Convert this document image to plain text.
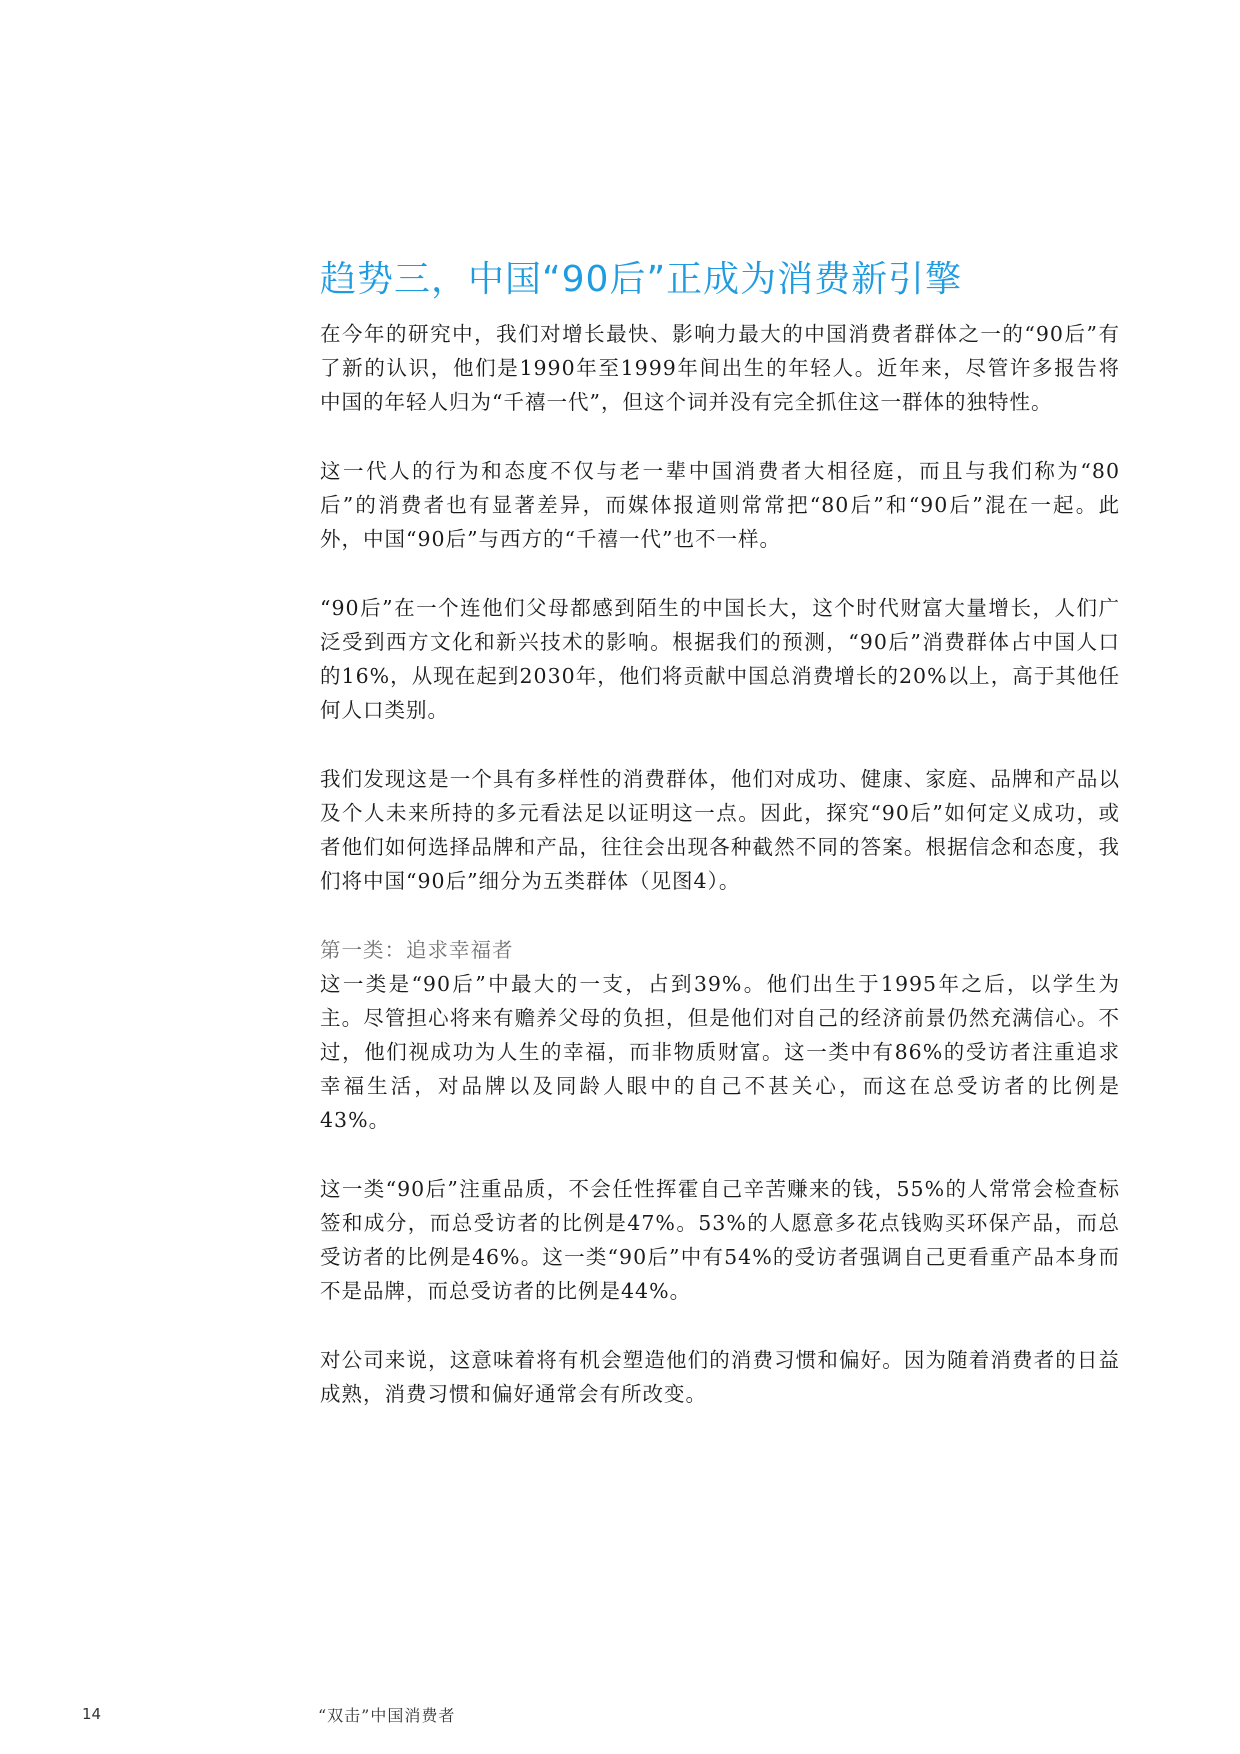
趋势三，中国“90后”正成为消费新引擎

在今年的研究中，我们对增长最快、影响力最大的中国消费者群体之一的“90后”有了新的认识，他们是1990年至1999年间出生的年轻人。近年来，尽管许多报告将中国的年轻人归为“千禧一代”，但这个词并没有完全抓住这一群体的独特性。

这一代人的行为和态度不仅与老一辈中国消费者大相径庭，而且与我们称为“80后”的消费者也有显著差异，而媒体报道则常常把“80后”和“90后”混在一起。此外，中国“90后”与西方的“千禧一代”也不一样。

“90后”在一个连他们父母都感到陌生的中国长大，这个时代财富大量增长，人们广泛受到西方文化和新兴技术的影响。根据我们的预测，“90后”消费群体占中国人口的16%，从现在起到2030年，他们将贡献中国总消费增长的20%以上，高于其他任何人口类别。

我们发现这是一个具有多样性的消费群体，他们对成功、健康、家庭、品牌和产品以及个人未来所持的多元看法足以证明这一点。因此，探究“90后”如何定义成功，或者他们如何选择品牌和产品，往往会出现各种截然不同的答案。根据信念和态度，我们将中国“90后”细分为五类群体（见图4）。

第一类：追求幸福者

这一类是“90后”中最大的一支，占到39%。他们出生于1995年之后，以学生为主。尽管担心将来有赡养父母的负担，但是他们对自己的经济前景仍然充满信心。不过，他们视成功为人生的幸福，而非物质财富。这一类中有86%的受访者注重追求幸福生活，对品牌以及同龄人眼中的自己不甚关心，而这在总受访者的比例是43%。

这一类“90后”注重品质，不会任性挥霍自己辛苦赚来的钱，55%的人常常会检查标签和成分，而总受访者的比例是47%。53%的人愿意多花点钱购买环保产品，而总受访者的比例是46%。这一类“90后”中有54%的受访者强调自己更看重产品本身而不是品牌，而总受访者的比例是44%。

对公司来说，这意味着将有机会塑造他们的消费习惯和偏好。因为随着消费者的日益成熟，消费习惯和偏好通常会有所改变。

14	“双击”中国消费者
